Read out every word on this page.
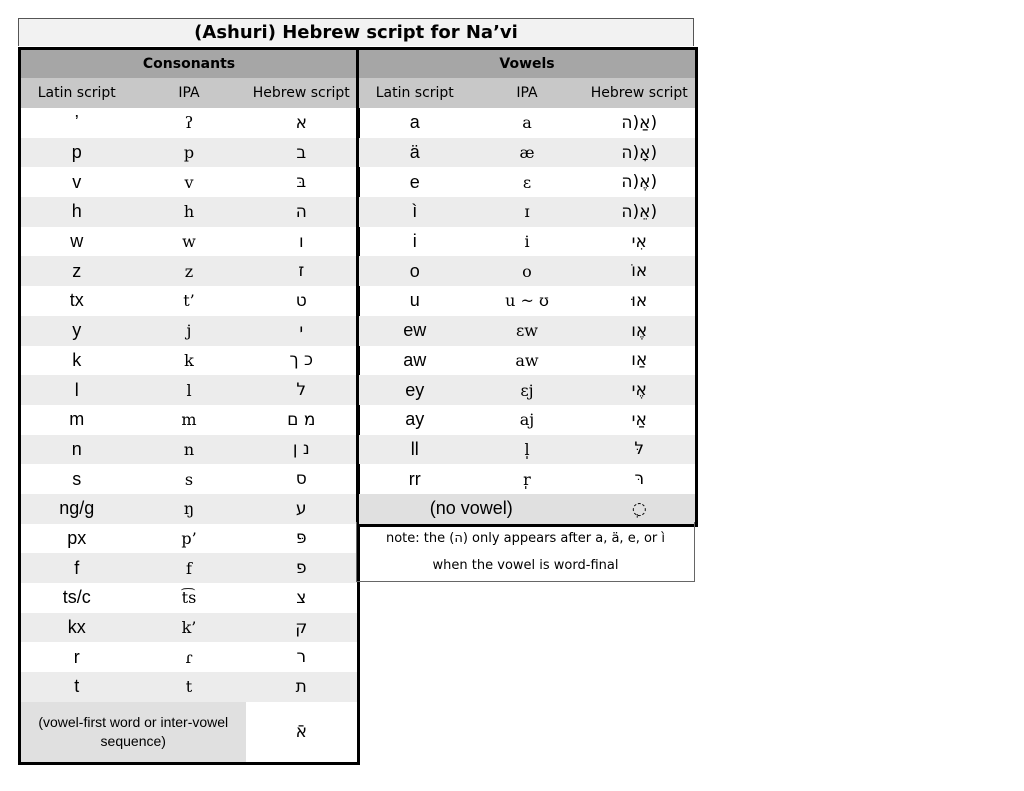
(Ashuri) Hebrew script for Na’vi
Consonants		
Latin script	IPA	Hebrew script
’	ʔ	א
p	p	ב
v	v	בּ
h	h	ה
w	w	ו
z	z	ז
tx	t’	ט
y	j	י
k	k	כ ך
l	l	ל
m	m	מ ם
n	n	נ ן
s	s	ס
ng/g	ŋ	ע
px	p’	פּ
f	f	פ
ts/c	t͡s	צ
kx	k’	ק
r	ɾ	ר
t	t	ת
(vowel-first word or inter-vowel sequence)		אֿ
Vowels		
Latin script	IPA	Hebrew script
a	a	(אַ(ה
ä	æ	(אָ(ה
e	ɛ	(אֶ(ה
ì	ɪ	(אֵ(ה
i	i	אִי
o	o	אוֹ
u	u ~ ʊ	אוּ
ew	ɛw	אֶו
aw	aw	אַו
ey	ɛj	אֶי
ay	aj	אַי
ll	l̩	לּ
rr	r̩	רּ
(no vowel)		◌ְ
note: the (ה) only appears after a, ä, e, or ì
when the vowel is word-final
